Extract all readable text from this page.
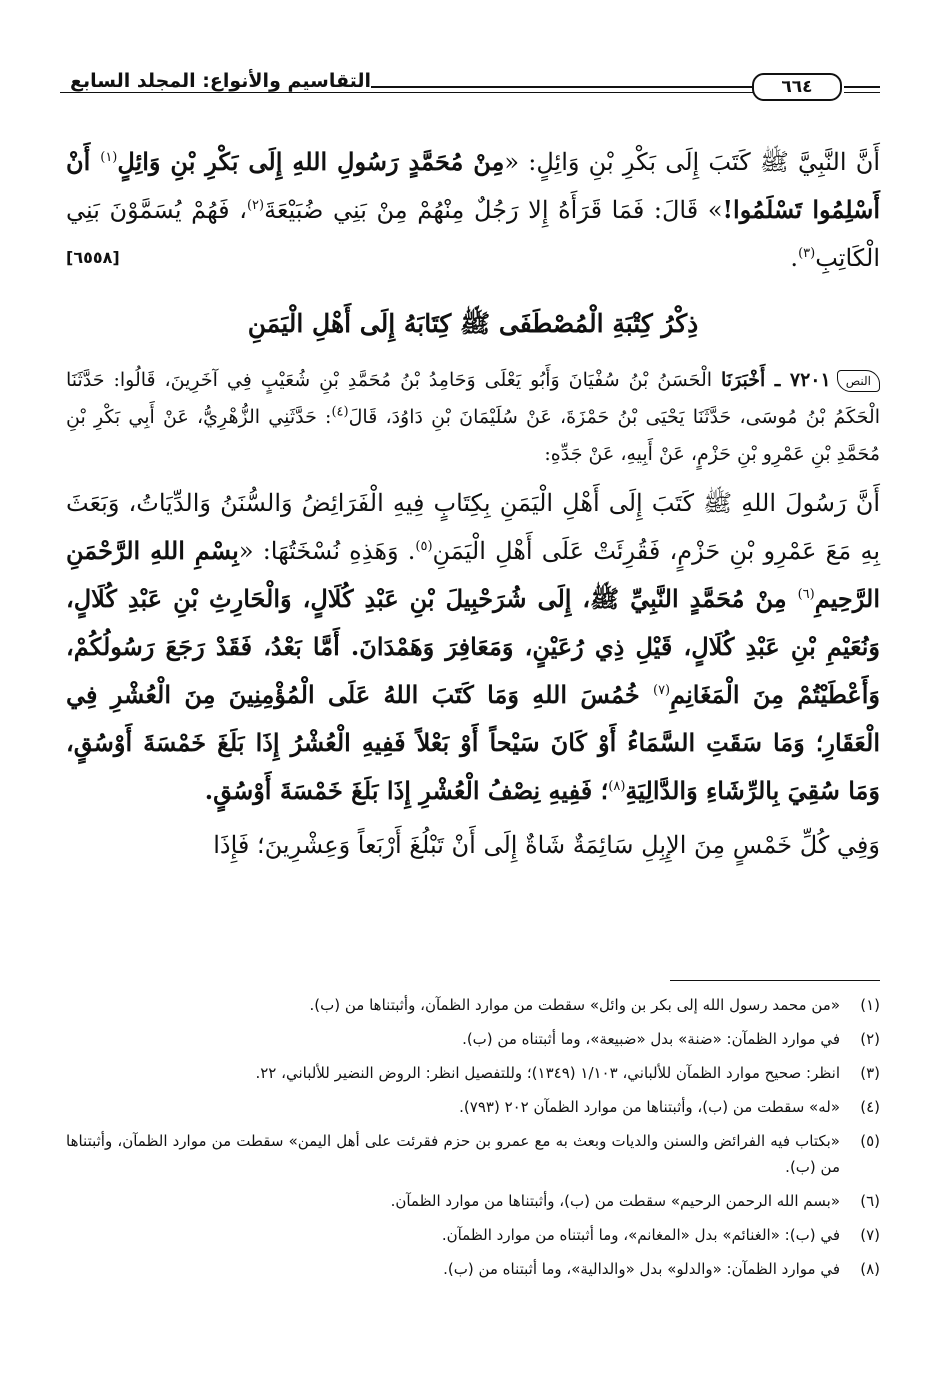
التقاسيم والأنواع: المجلد السابع	٦٦٤

أَنَّ النَّبِيَّ ﷺ كَتَبَ إِلَى بَكْرِ بْنِ وَائِلٍ: «مِنْ مُحَمَّدٍ رَسُولِ اللهِ إِلَى بَكْرِ بْنِ وَائِلٍ$^{(١)}$ أَنْ أَسْلِمُوا تَسْلَمُوا!» قَالَ: فَمَا قَرَأَهُ إِلا رَجُلٌ مِنْهُمْ مِنْ بَنِي ضُبَيْعَةَ$^{(٢)}$، فَهُمْ يُسَمَّوْنَ بَنِي الْكَاتِبِ$^{(٣)}$.
[٦٥٥٨]

ذِكْرُ كِتْبَةِ الْمُصْطَفَى ﷺ كِتَابَهُ إِلَى أَهْلِ الْيَمَنِ

النص٧٢٠١ ـ أَخْبَرَنَا الْحَسَنُ بْنُ سُفْيَانَ وَأَبُو يَعْلَى وَحَامِدُ بْنُ مُحَمَّدِ بْنِ شُعَيْبٍ فِي آخَرِينَ، قَالُوا: حَدَّثَنَا الْحَكَمُ بْنُ مُوسَى، حَدَّثَنَا يَحْيَى بْنُ حَمْزَةَ، عَنْ سُلَيْمَانَ بْنِ دَاوُدَ، قَالَ$^{(٤)}$: حَدَّثَنِي الزُّهْرِيُّ، عَنْ أَبِي بَكْرِ بْنِ مُحَمَّدِ بْنِ عَمْرِو بْنِ حَزْمٍ، عَنْ أَبِيهِ، عَنْ جَدِّهِ:

أَنَّ رَسُولَ اللهِ ﷺ كَتَبَ إِلَى أَهْلِ الْيَمَنِ بِكِتَابٍ فِيهِ الْفَرَائِضُ وَالسُّنَنُ وَالدِّيَاتُ، وَبَعَثَ بِهِ مَعَ عَمْرِو بْنِ حَزْمٍ، فَقُرِئَتْ عَلَى أَهْلِ الْيَمَنِ$^{(٥)}$. وَهَذِهِ نُسْخَتُهَا: «بِسْمِ اللهِ الرَّحْمَنِ الرَّحِيمِ$^{(٦)}$ مِنْ مُحَمَّدٍ النَّبِيِّ ﷺ، إِلَى شُرَحْبِيلَ بْنِ عَبْدِ كُلَالٍ، وَالْحَارِثِ بْنِ عَبْدِ كُلَالٍ، وَنُعَيْمِ بْنِ عَبْدِ كُلَالٍ، قَيْلِ ذِي رُعَيْنٍ، وَمَعَافِرَ وَهَمْدَانَ. أَمَّا بَعْدُ، فَقَدْ رَجَعَ رَسُولُكُمْ، وَأَعْطَيْتُمْ مِنَ الْمَغَانِمِ$^{(٧)}$ خُمُسَ اللهِ وَمَا كَتَبَ اللهُ عَلَى الْمُؤْمِنِينَ مِنَ الْعُشْرِ فِي الْعَقَارِ؛ وَمَا سَقَتِ السَّمَاءُ أَوْ كَانَ سَيْحاً أَوْ بَعْلاً فَفِيهِ الْعُشْرُ إِذَا بَلَغَ خَمْسَةَ أَوْسُقٍ، وَمَا سُقِيَ بِالرِّشَاءِ وَالدَّالِيَةِ$^{(٨)}$؛ فَفِيهِ نِصْفُ الْعُشْرِ إِذَا بَلَغَ خَمْسَةَ أَوْسُقٍ.

وَفِي كُلِّ خَمْسٍ مِنَ الإِبِلِ سَائِمَةٌ شَاةٌ إِلَى أَنْ تَبْلُغَ أَرْبَعاً وَعِشْرِينَ؛ فَإِذَا

(١)
«من محمد رسول الله إلى بكر بن وائل» سقطت من موارد الظمآن، وأثبتناها من (ب).
(٢)
في موارد الظمآن: «ضنة» بدل «ضبيعة»، وما أثبتناه من (ب).
(٣)
انظر: صحيح موارد الظمآن للألباني، ١/١٠٣ (١٣٤٩)؛ وللتفصيل انظر: الروض النضير للألباني، ٢٢.
(٤)
«له» سقطت من (ب)، وأثبتناها من موارد الظمآن ٢٠٢ (٧٩٣).
(٥)
«بكتاب فيه الفرائض والسنن والديات وبعث به مع عمرو بن حزم فقرئت على أهل اليمن» سقطت من موارد الظمآن، وأثبتناها من (ب).
(٦)
«بسم الله الرحمن الرحيم» سقطت من (ب)، وأثبتناها من موارد الظمآن.
(٧)
في (ب): «الغنائم» بدل «المغانم»، وما أثبتناه من موارد الظمآن.
(٨)
في موارد الظمآن: «والدلو» بدل «والدالية»، وما أثبتناه من (ب).
